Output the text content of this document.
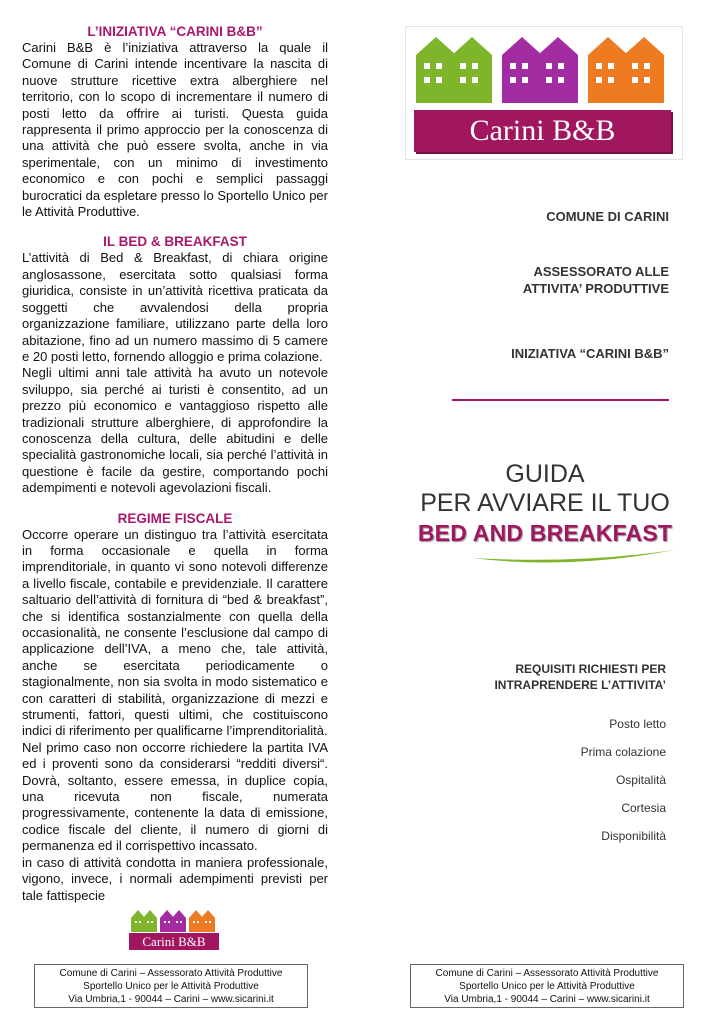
L’INIZIATIVA “CARINI B&B”

Carini B&B è l’iniziativa attraverso la quale il Comune di Carini intende incentivare la nascita di nuove strutture ricettive extra alberghiere nel territorio, con lo scopo di incrementare il numero di posti letto da offrire ai turisti. Questa guida rappresenta il primo approccio per la conoscenza di una attività che può essere svolta, anche in via sperimentale, con un minimo di investimento economico e con pochi e semplici passaggi burocratici da espletare presso lo Sportello Unico per le Attività Produttive.

IL BED & BREAKFAST

L’attività di Bed & Breakfast, di chiara origine anglosassone, esercitata sotto qualsiasi forma giuridica, consiste in un’attività ricettiva praticata da soggetti che avvalendosi della propria organizzazione familiare, utilizzano parte della loro abitazione, fino ad un numero massimo di 5 camere e 20 posti letto, fornendo alloggio e prima colazione.

Negli ultimi anni tale attività ha avuto un notevole sviluppo, sia perché ai turisti è consentito, ad un prezzo più economico e vantaggioso rispetto alle tradizionali strutture alberghiere, di approfondire la conoscenza della cultura, delle abitudini e delle specialità gastronomiche locali, sia perché l’attività in questione è facile da gestire, comportando pochi adempimenti e notevoli agevolazioni fiscali.

REGIME FISCALE

Occorre operare un distinguo tra l’attività esercitata in forma occasionale e quella in forma imprenditoriale, in quanto vi sono notevoli differenze a livello fiscale, contabile e previdenziale. Il carattere saltuario dell’attività di fornitura di “bed & breakfast”, che si identifica sostanzialmente con quella della occasionalità, ne consente l’esclusione dal campo di applicazione dell’IVA, a meno che, tale attività, anche se esercitata periodicamente o stagionalmente, non sia svolta in modo sistematico e con caratteri di stabilità, organizzazione di mezzi e strumenti, fattori, questi ultimi, che costituiscono indici di riferimento per qualificarne l’imprenditorialità.

Nel primo caso non occorre richiedere la partita IVA ed i proventi sono da considerarsi “redditi diversi“. Dovrà, soltanto, essere emessa, in duplice copia, una ricevuta non fiscale, numerata progressivamente, contenente la data di emissione, codice fiscale del cliente, il numero di giorni di permanenza ed il corrispettivo incassato.

in caso di attività condotta in maniera professionale, vigono, invece, i normali adempimenti previsti per tale fattispecie

Carini B&B
Comune di Carini – Assessorato Attività Produttive
Sportello Unico per le Attività Produttive
Via Umbria,1 - 90044 – Carini – www.sicarini.it
Carini B&B

COMUNE DI CARINI

ASSESSORATO ALLE
ATTIVITA’ PRODUTTIVE

INIZIATIVA “CARINI B&B”

GUIDA
PER AVVIARE IL TUO
BED AND BREAKFAST
REQUISITI RICHIESTI PER
INTRAPRENDERE L’ATTIVITA’
Posto letto
Prima colazione
Ospitalità
Cortesia
Disponibilità
Comune di Carini – Assessorato Attività Produttive
Sportello Unico per le Attività Produttive
Via Umbria,1 - 90044 – Carini – www.sicarini.it
